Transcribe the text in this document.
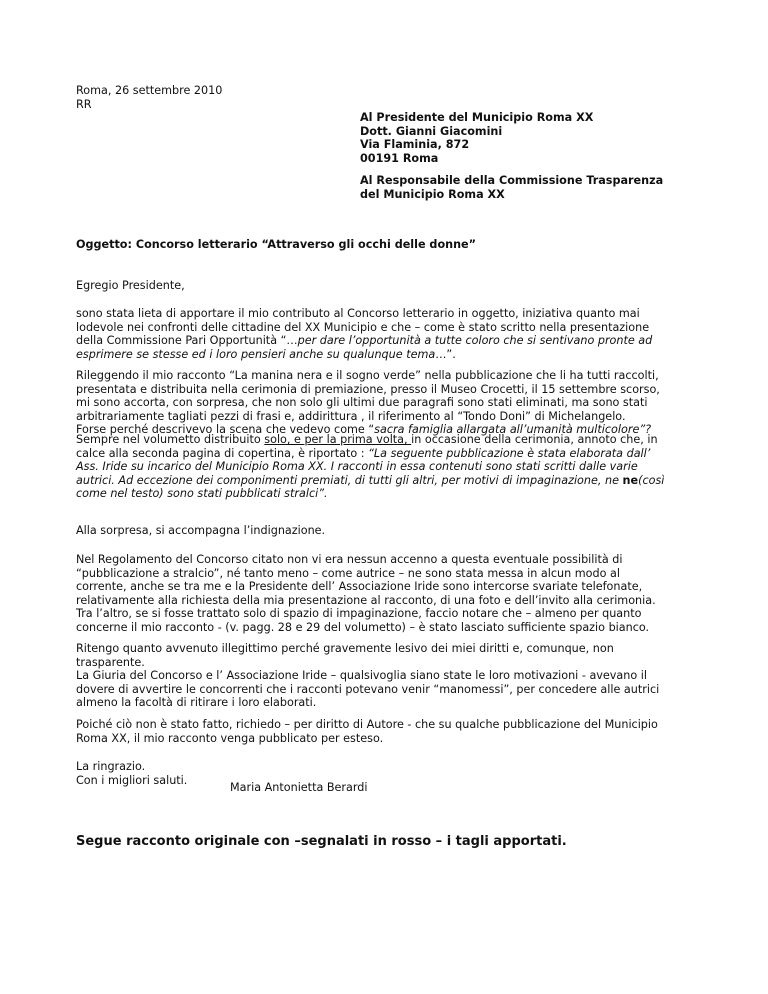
Roma, 26 settembre 2010
RR
Al Presidente del Municipio Roma XX
Dott. Gianni Giacomini
Via Flaminia, 872
00191 Roma
Al Responsabile della Commissione Trasparenza
del Municipio Roma XX
Oggetto: Concorso letterario “Attraverso gli occhi delle donne”
Egregio Presidente,
sono stata lieta di apportare il mio contributo al Concorso letterario in oggetto, iniziativa quanto mai
lodevole nei confronti delle cittadine del XX Municipio e che – come è stato scritto nella presentazione
della Commissione Pari Opportunità “…per dare l’opportunità a tutte coloro che si sentivano pronte ad
esprimere se stesse ed i loro pensieri anche su qualunque tema…”.
Rileggendo il mio racconto “La manina nera e il sogno verde” nella pubblicazione che li ha tutti raccolti,
presentata e distribuita nella cerimonia di premiazione, presso il Museo Crocetti, il 15 settembre scorso,
mi sono accorta, con sorpresa, che non solo gli ultimi due paragrafi sono stati eliminati, ma sono stati
arbitrariamente tagliati pezzi di frasi e, addirittura , il riferimento al “Tondo Doni” di Michelangelo.
Forse perché descrivevo la scena che vedevo come “sacra famiglia allargata all’umanità multicolore”?
Sempre nel volumetto distribuito solo, e per la prima volta, in occasione della cerimonia, annoto che, in
calce alla seconda pagina di copertina, è riportato : “La seguente pubblicazione è stata elaborata dall’
Ass. Iride su incarico del Municipio Roma XX. I racconti in essa contenuti sono stati scritti dalle varie
autrici. Ad eccezione dei componimenti premiati, di tutti gli altri, per motivi di impaginazione, ne ne(così
come nel testo) sono stati pubblicati stralci”.
Alla sorpresa, si accompagna l’indignazione.
Nel Regolamento del Concorso citato non vi era nessun accenno a questa eventuale possibilità di
“pubblicazione a stralcio”, né tanto meno – come autrice – ne sono stata messa in alcun modo al
corrente, anche se tra me e la Presidente dell’ Associazione Iride sono intercorse svariate telefonate,
relativamente alla richiesta della mia presentazione al racconto, di una foto e dell’invito alla cerimonia.
Tra l’altro, se si fosse trattato solo di spazio di impaginazione, faccio notare che – almeno per quanto
concerne il mio racconto - (v. pagg. 28 e 29 del volumetto) – è stato lasciato sufficiente spazio bianco.
Ritengo quanto avvenuto illegittimo perché gravemente lesivo dei miei diritti e, comunque, non
trasparente.
La Giuria del Concorso e l’ Associazione Iride – qualsivoglia siano state le loro motivazioni - avevano il
dovere di avvertire le concorrenti che i racconti potevano venir “manomessi”, per concedere alle autrici
almeno la facoltà di ritirare i loro elaborati.
Poiché ciò non è stato fatto, richiedo – per diritto di Autore - che su qualche pubblicazione del Municipio
Roma XX, il mio racconto venga pubblicato per esteso.
La ringrazio.
Con i migliori saluti.
Maria Antonietta Berardi
Segue racconto originale con –segnalati in rosso – i tagli apportati.
